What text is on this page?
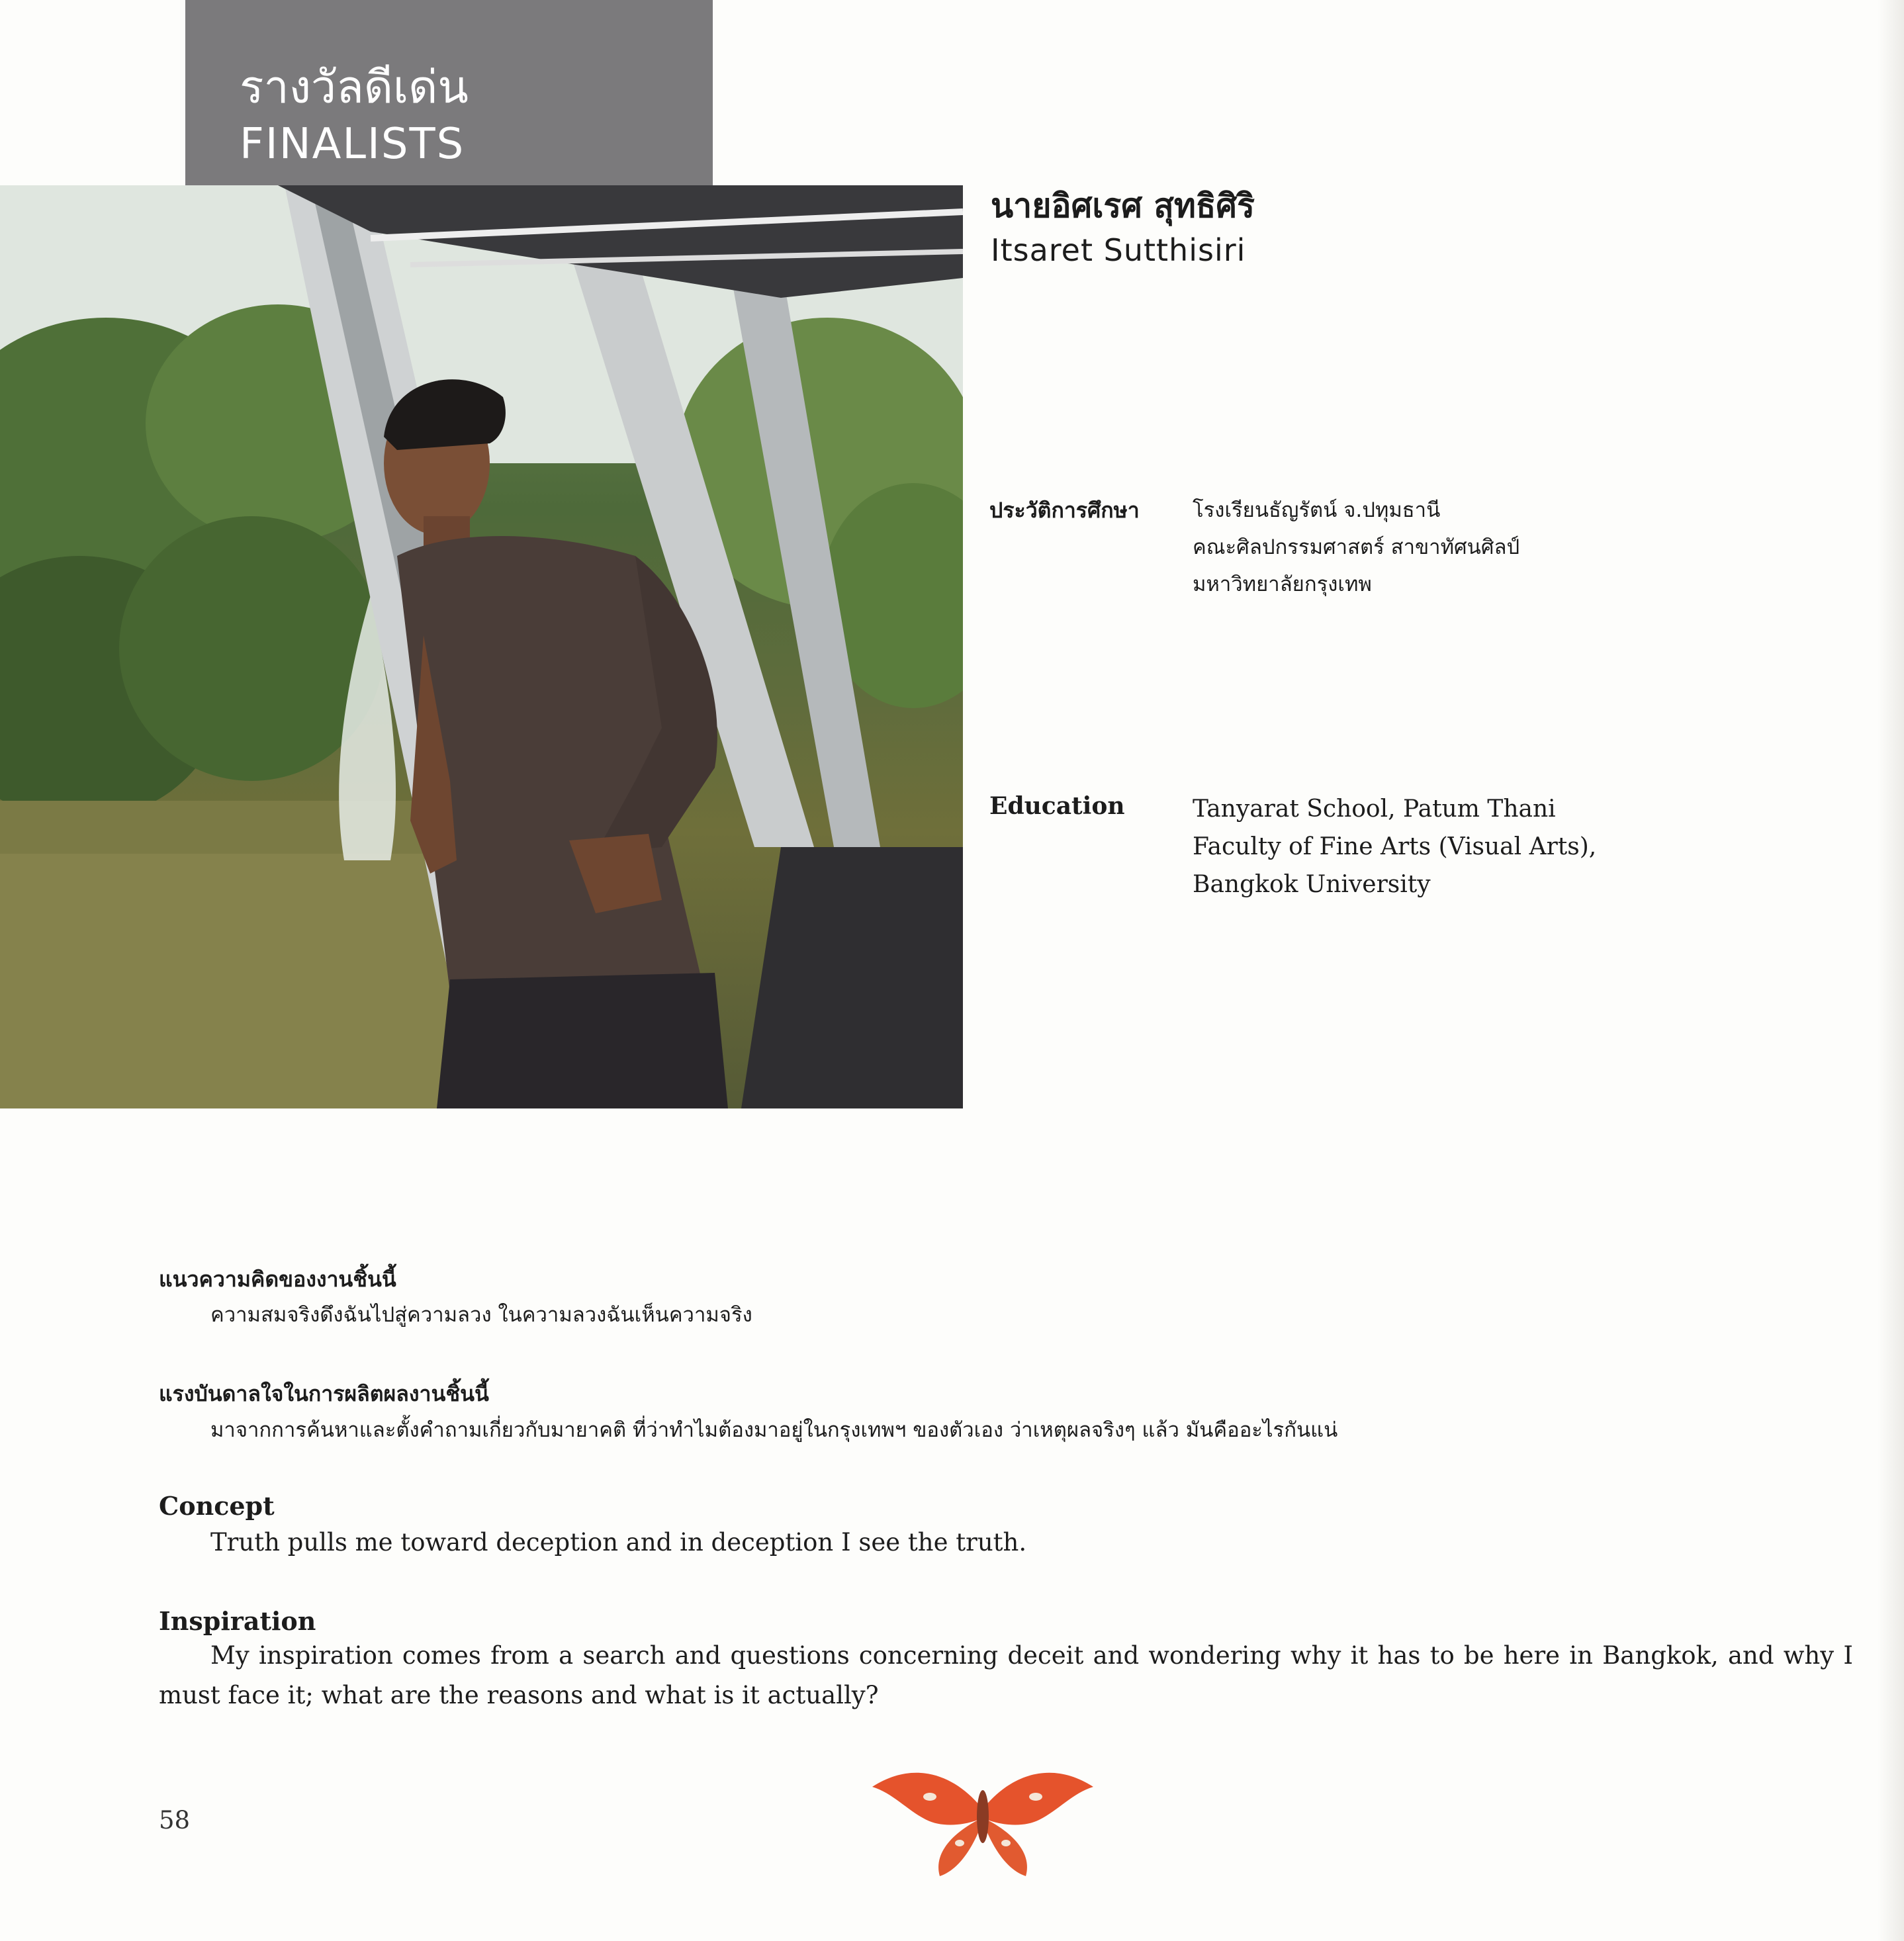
รางวัลดีเด่น
FINALISTS
นายอิศเรศ สุทธิศิริ
Itsaret Sutthisiri
ประวัติการศึกษา	โรงเรียนธัญรัตน์ จ.ปทุมธานี
คณะศิลปกรรมศาสตร์ สาขาทัศนศิลป์
มหาวิทยาลัยกรุงเทพ
Education	Tanyarat School, Patum Thani
Faculty of Fine Arts (Visual Arts),
Bangkok University
แนวความคิดของงานชิ้นนี้
ความสมจริงดึงฉันไปสู่ความลวง ในความลวงฉันเห็นความจริง
แรงบันดาลใจในการผลิตผลงานชิ้นนี้
มาจากการค้นหาและตั้งคำถามเกี่ยวกับมายาคติ ที่ว่าทำไมต้องมาอยู่ในกรุงเทพฯ ของตัวเอง ว่าเหตุผลจริงๆ แล้ว มันคืออะไรกันแน่
Concept
Truth pulls me toward deception and in deception I see the truth.
Inspiration
My inspiration comes from a search and questions concerning deceit and wondering why it has to be here in Bangkok, and why I must face it; what are the reasons and what is it actually?
58
